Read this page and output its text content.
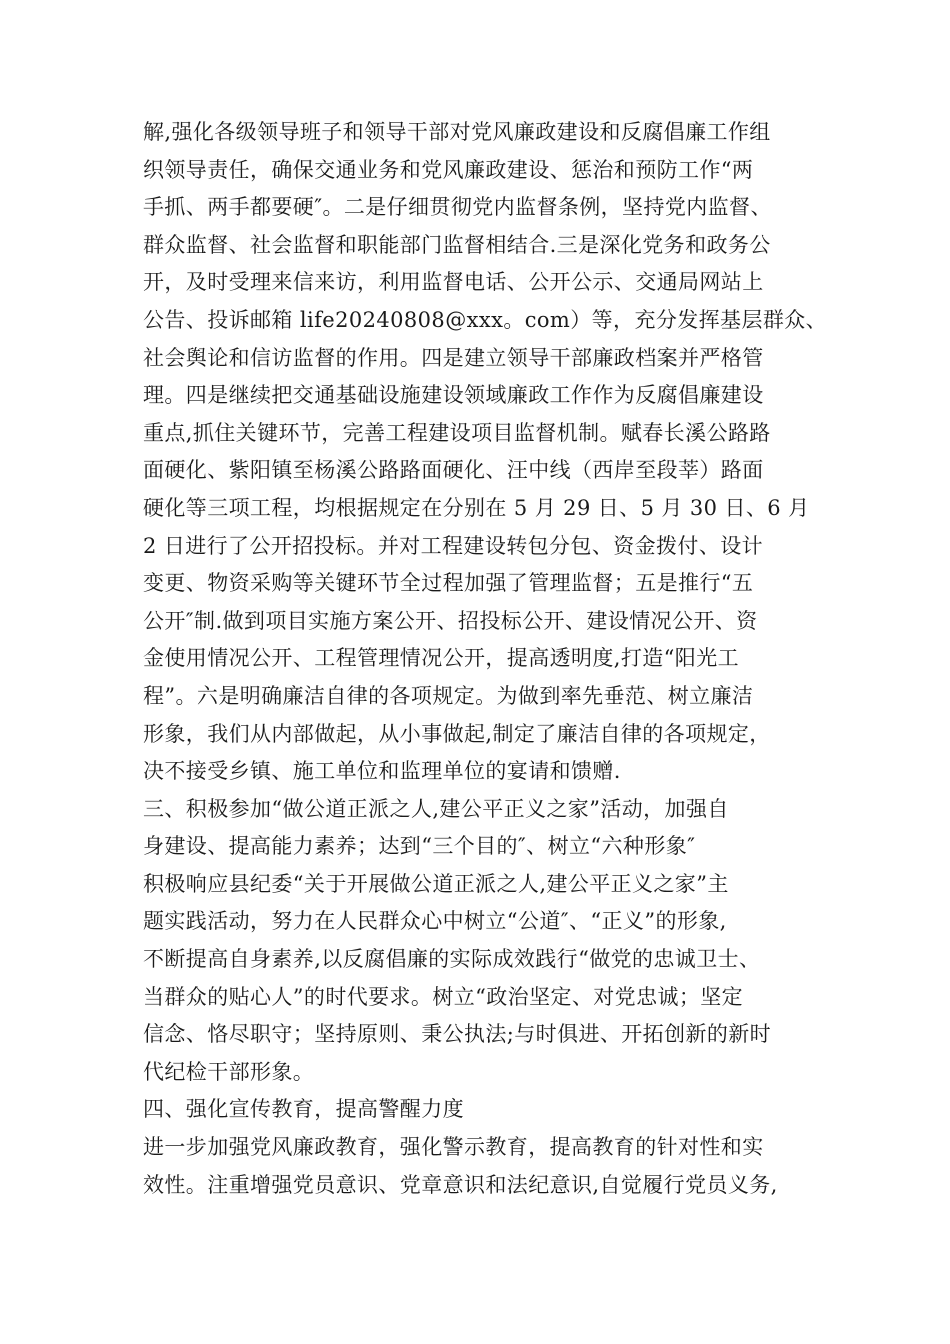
解,强化各级领导班子和领导干部对党风廉政建设和反腐倡廉工作组
织领导责任，确保交通业务和党风廉政建设、惩治和预防工作“两
手抓、两手都要硬″。二是仔细贯彻党内监督条例，坚持党内监督、
群众监督、社会监督和职能部门监督相结合.三是深化党务和政务公
开，及时受理来信来访，利用监督电话、公开公示、交通局网站上
公告、投诉邮箱 life20240808@xxx。com）等，充分发挥基层群众、
社会舆论和信访监督的作用。四是建立领导干部廉政档案并严格管
理。四是继续把交通基础设施建设领域廉政工作作为反腐倡廉建设
重点,抓住关键环节，完善工程建设项目监督机制。赋春长溪公路路
面硬化、紫阳镇至杨溪公路路面硬化、汪中线（西岸至段莘）路面
硬化等三项工程，均根据规定在分别在 5 月 29 日、5 月 30 日、6 月
2 日进行了公开招投标。并对工程建设转包分包、资金拨付、设计
变更、物资采购等关键环节全过程加强了管理监督；五是推行“五
公开″制.做到项目实施方案公开、招投标公开、建设情况公开、资
金使用情况公开、工程管理情况公开，提高透明度,打造“阳光工
程”。六是明确廉洁自律的各项规定。为做到率先垂范、树立廉洁
形象，我们从内部做起，从小事做起,制定了廉洁自律的各项规定，
决不接受乡镇、施工单位和监理单位的宴请和馈赠.
三、积极参加“做公道正派之人,建公平正义之家”活动，加强自
身建设、提高能力素养；达到“三个目的″、树立“六种形象″
积极响应县纪委“关于开展做公道正派之人,建公平正义之家”主
题实践活动，努力在人民群众心中树立“公道″、“正义”的形象,
不断提高自身素养,以反腐倡廉的实际成效践行“做党的忠诚卫士、
当群众的贴心人”的时代要求。树立“政治坚定、对党忠诚；坚定
信念、恪尽职守；坚持原则、秉公执法;与时俱进、开拓创新的新时
代纪检干部形象。
四、强化宣传教育，提高警醒力度
进一步加强党风廉政教育，强化警示教育，提高教育的针对性和实
效性。注重增强党员意识、党章意识和法纪意识,自觉履行党员义务,
